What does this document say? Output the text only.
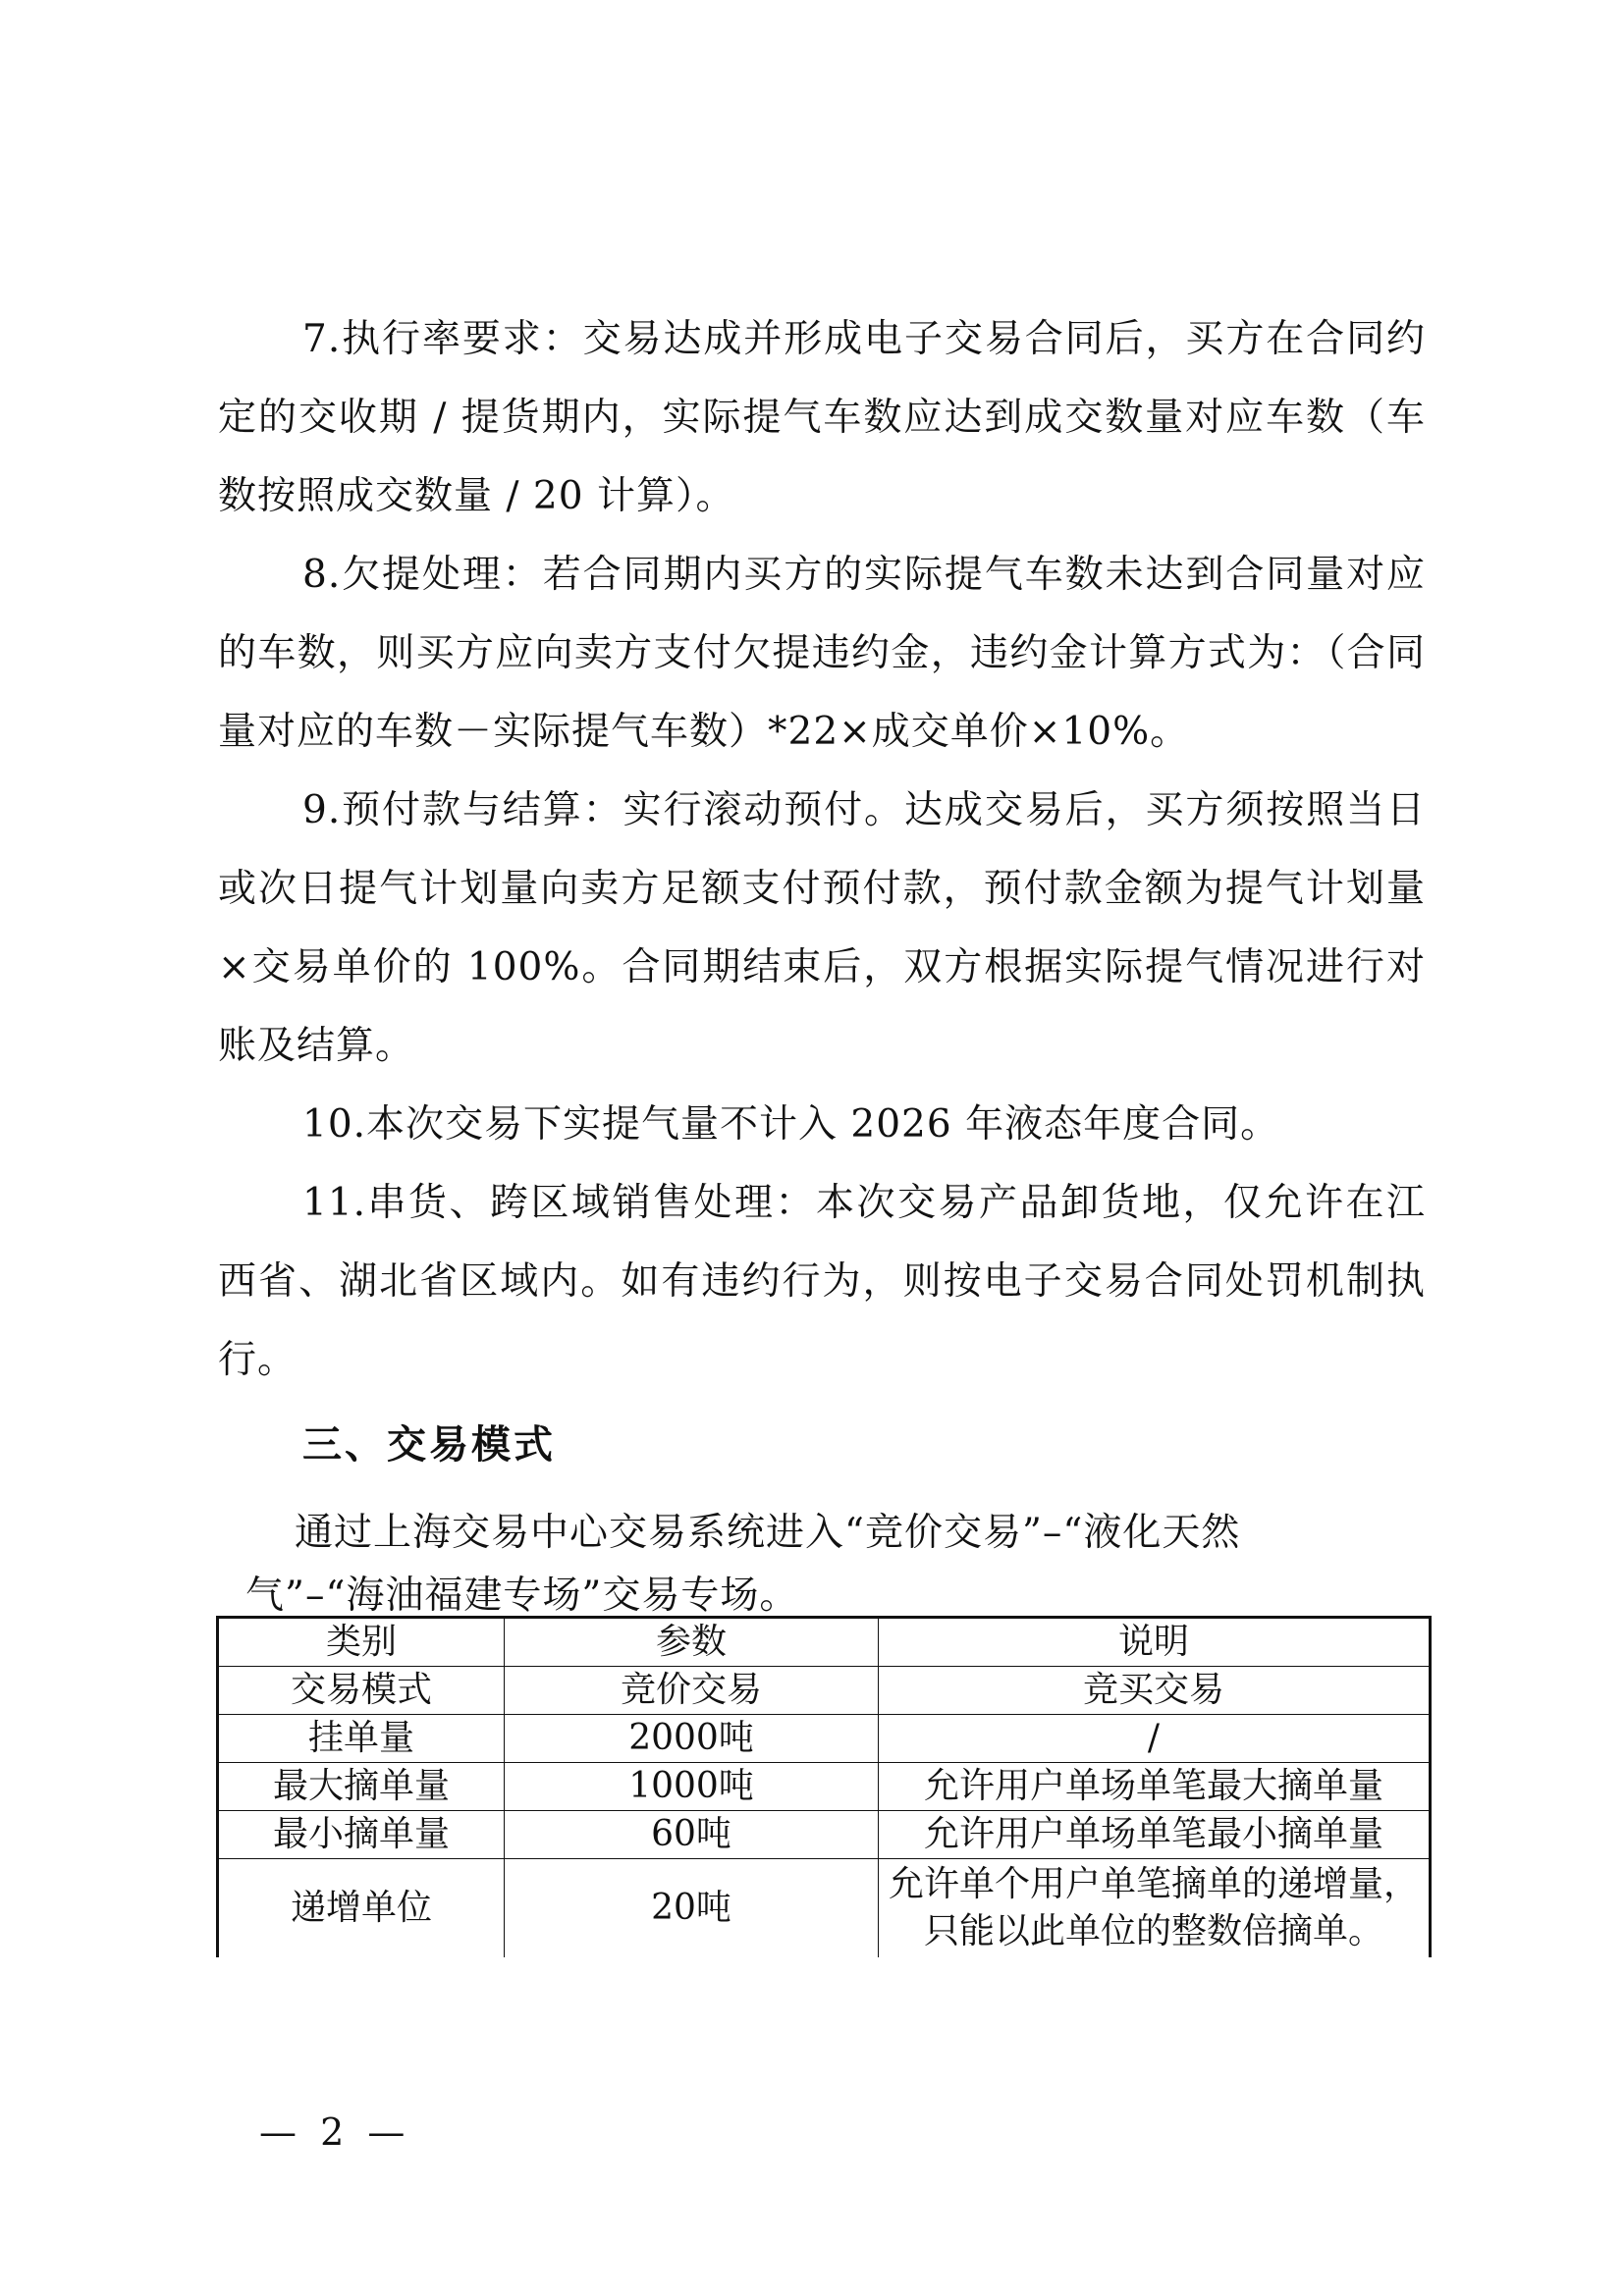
7.执行率要求：交易达成并形成电子交易合同后，买方在合同约定的交收期 / 提货期内，实际提气车数应达到成交数量对应车数（车数按照成交数量 / 20 计算）。

8.欠提处理：若合同期内买方的实际提气车数未达到合同量对应的车数，则买方应向卖方支付欠提违约金，违约金计算方式为：（合同量对应的车数－实际提气车数）*22×成交单价×10%。

9.预付款与结算：实行滚动预付。达成交易后，买方须按照当日或次日提气计划量向卖方足额支付预付款，预付款金额为提气计划量×交易单价的 100%。合同期结束后，双方根据实际提气情况进行对账及结算。

10.本次交易下实提气量不计入 2026 年液态年度合同。

11.串货、跨区域销售处理：本次交易产品卸货地，仅允许在江西省、湖北省区域内。如有违约行为，则按电子交易合同处罚机制执行。

三、交易模式

通过上海交易中心交易系统进入“竞价交易”–“液化天然
气”–“海油福建专场”交易专场。

类别	参数	说明
交易模式	竞价交易	竞买交易
挂单量	2000吨	/
最大摘单量	1000吨	允许用户单场单笔最大摘单量
最小摘单量	60吨	允许用户单场单笔最小摘单量
递增单位	20吨	允许单个用户单笔摘单的递增量，只能以此单位的整数倍摘单。
— 2 —
